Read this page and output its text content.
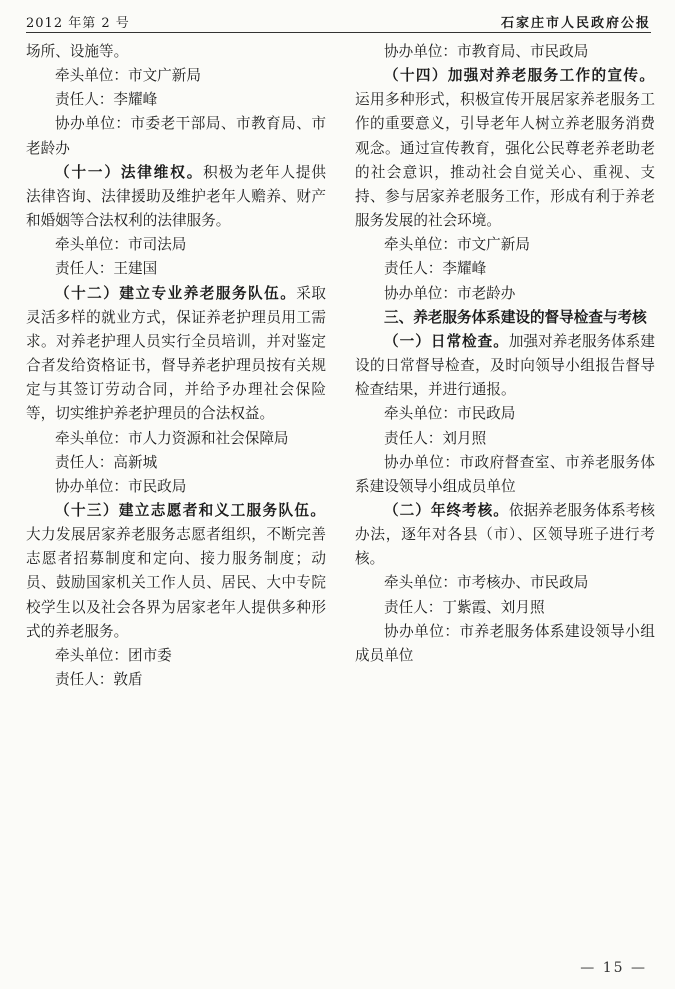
2012 年第 2 号	石家庄市人民政府公报

场所、设施等。

牵头单位：市文广新局

责任人：李耀峰

协办单位：市委老干部局、市教育局、市老龄办

（十一）法律维权。积极为老年人提供法律咨询、法律援助及维护老年人赡养、财产和婚姻等合法权利的法律服务。

牵头单位：市司法局

责任人：王建国

（十二）建立专业养老服务队伍。采取灵活多样的就业方式，保证养老护理员用工需求。对养老护理人员实行全员培训，并对鉴定合者发给资格证书，督导养老护理员按有关规定与其签订劳动合同，并给予办理社会保险等，切实维护养老护理员的合法权益。

牵头单位：市人力资源和社会保障局

责任人：高新城

协办单位：市民政局

（十三）建立志愿者和义工服务队伍。大力发展居家养老服务志愿者组织，不断完善志愿者招募制度和定向、接力服务制度；动员、鼓励国家机关工作人员、居民、大中专院校学生以及社会各界为居家老年人提供多种形式的养老服务。

牵头单位：团市委

责任人：敦盾

协办单位：市教育局、市民政局

（十四）加强对养老服务工作的宣传。运用多种形式，积极宣传开展居家养老服务工作的重要意义，引导老年人树立养老服务消费观念。通过宣传教育，强化公民尊老养老助老的社会意识，推动社会自觉关心、重视、支持、参与居家养老服务工作，形成有利于养老服务发展的社会环境。

牵头单位：市文广新局

责任人：李耀峰

协办单位：市老龄办

三、养老服务体系建设的督导检查与考核

（一）日常检查。加强对养老服务体系建设的日常督导检查，及时向领导小组报告督导检查结果，并进行通报。

牵头单位：市民政局

责任人：刘月照

协办单位：市政府督查室、市养老服务体系建设领导小组成员单位

（二）年终考核。依据养老服务体系考核办法，逐年对各县（市）、区领导班子进行考核。

牵头单位：市考核办、市民政局

责任人：丁紫霞、刘月照

协办单位：市养老服务体系建设领导小组成员单位

— 15 —
